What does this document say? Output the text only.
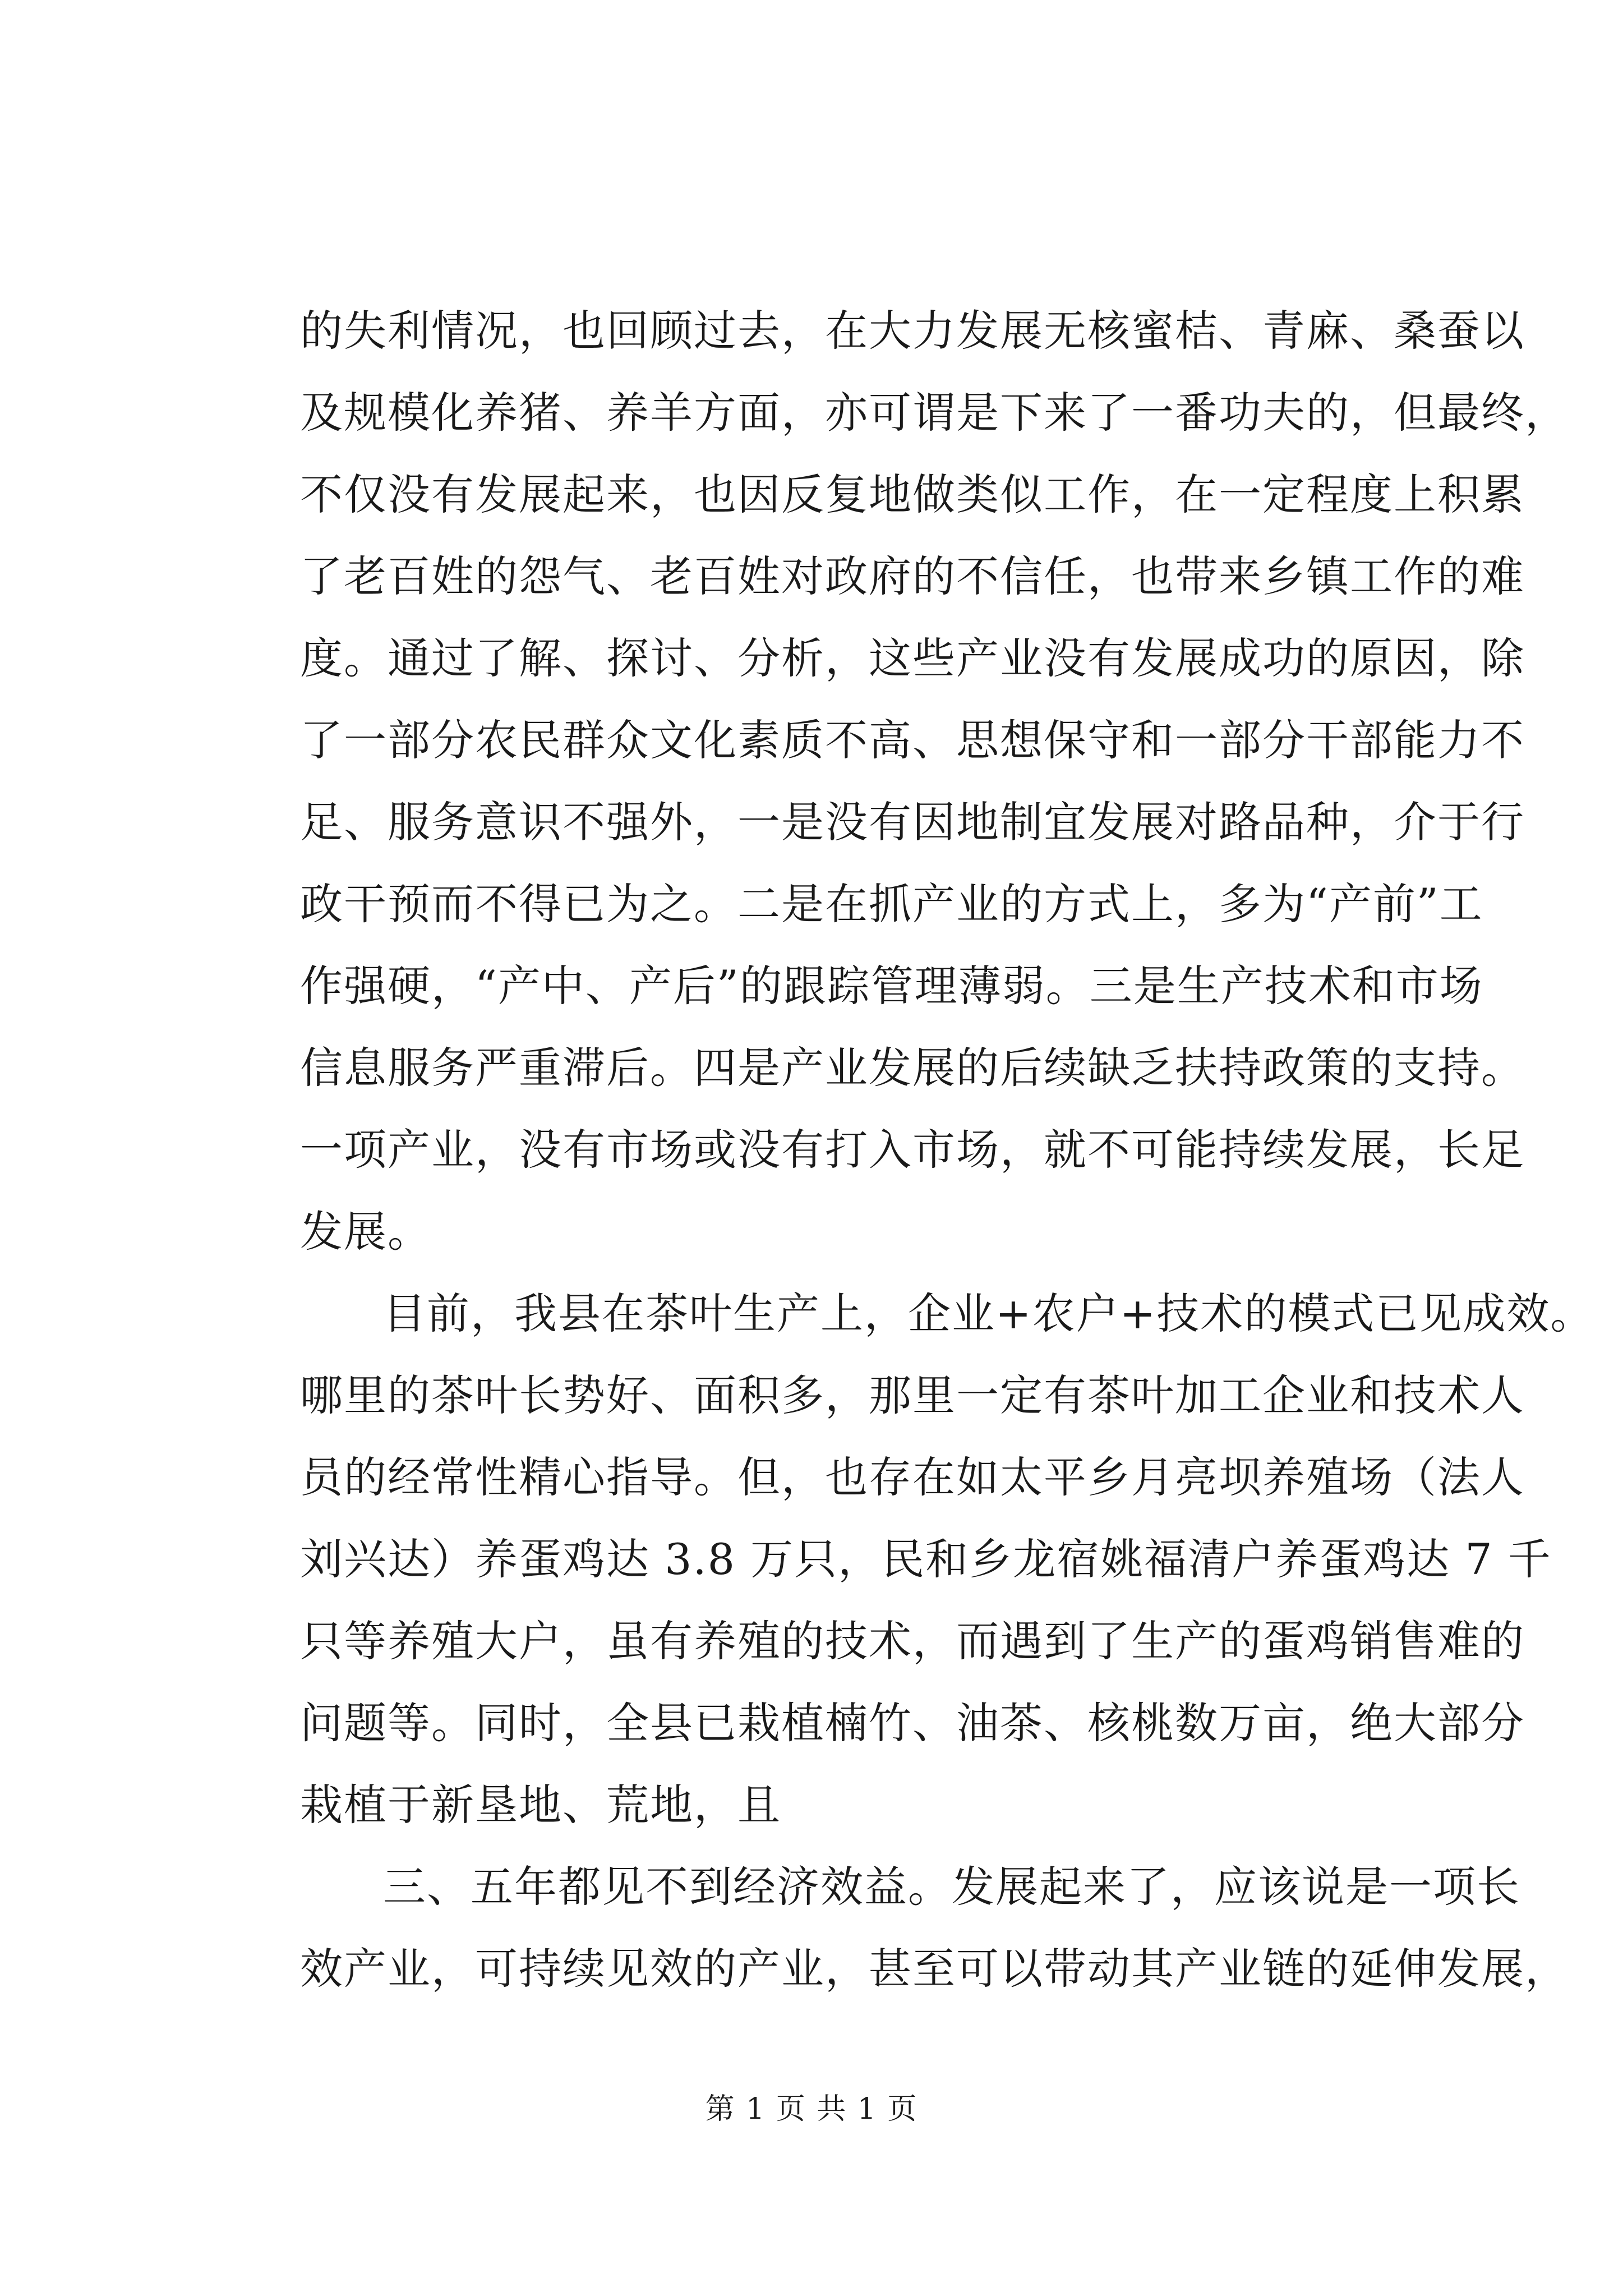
的失利情况，也回顾过去，在大力发展无核蜜桔、青麻、桑蚕以
及规模化养猪、养羊方面，亦可谓是下来了一番功夫的，但最终，
不仅没有发展起来，也因反复地做类似工作，在一定程度上积累
了老百姓的怨气、老百姓对政府的不信任，也带来乡镇工作的难
度。通过了解、探讨、分析，这些产业没有发展成功的原因，除
了一部分农民群众文化素质不高、思想保守和一部分干部能力不
足、服务意识不强外，一是没有因地制宜发展对路品种，介于行
政干预而不得已为之。二是在抓产业的方式上，多为“产前”工
作强硬，“产中、产后”的跟踪管理薄弱。三是生产技术和市场
信息服务严重滞后。四是产业发展的后续缺乏扶持政策的支持。
一项产业，没有市场或没有打入市场，就不可能持续发展，长足
发展。
目前，我县在茶叶生产上，企业+农户+技术的模式已见成效。
哪里的茶叶长势好、面积多，那里一定有茶叶加工企业和技术人
员的经常性精心指导。但，也存在如太平乡月亮坝养殖场（法人
刘兴达）养蛋鸡达 3.8 万只，民和乡龙宿姚福清户养蛋鸡达 7 千
只等养殖大户，虽有养殖的技术，而遇到了生产的蛋鸡销售难的
问题等。同时，全县已栽植楠竹、油茶、核桃数万亩，绝大部分
栽植于新垦地、荒地，且
三、五年都见不到经济效益。发展起来了，应该说是一项长
效产业，可持续见效的产业，甚至可以带动其产业链的延伸发展，
第 1 页 共 1 页
